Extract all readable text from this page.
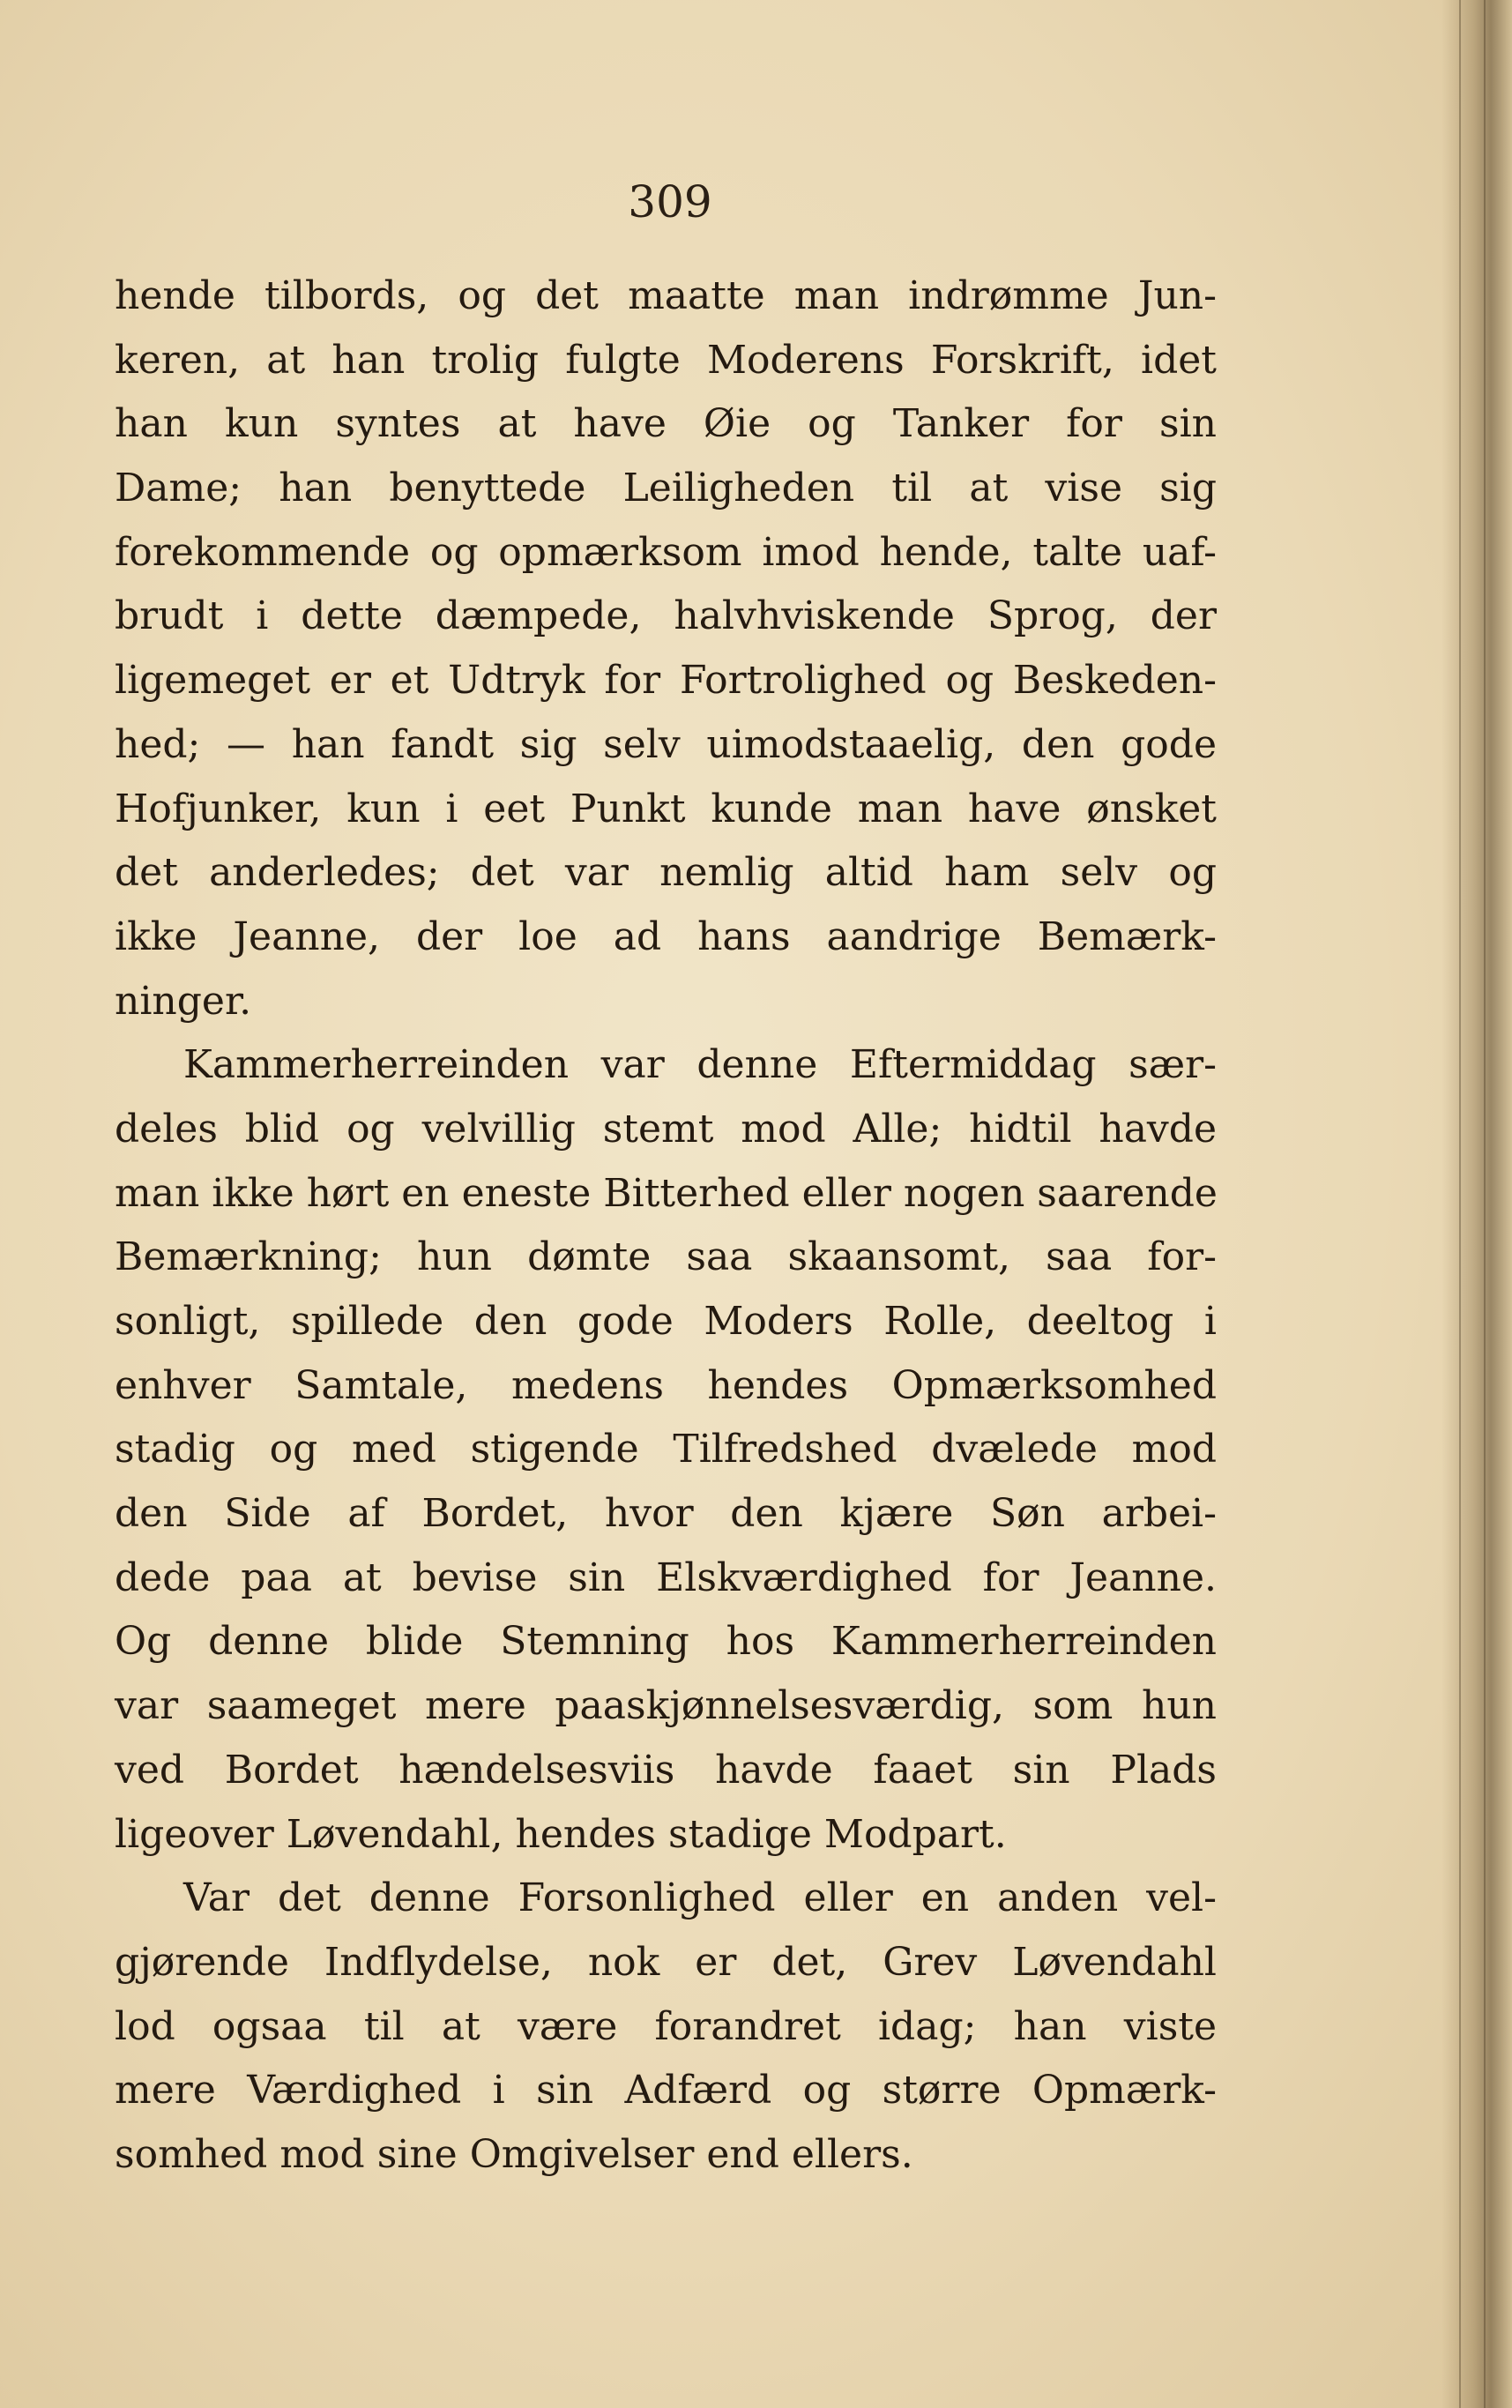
309
hende tilbords, og det maatte man indrømme Jun-
keren, at han trolig fulgte Moderens Forskrift, idet
han kun syntes at have Øie og Tanker for sin
Dame; han benyttede Leiligheden til at vise sig
forekommende og opmærksom imod hende, talte uaf-
brudt i dette dæmpede, halvhviskende Sprog, der
ligemeget er et Udtryk for Fortrolighed og Beskeden-
hed; — han fandt sig selv uimodstaaelig, den gode
Hofjunker, kun i eet Punkt kunde man have ønsket
det anderledes; det var nemlig altid ham selv og
ikke Jeanne, der loe ad hans aandrige Bemærk-
ninger.
Kammerherreinden var denne Eftermiddag sær-
deles blid og velvillig stemt mod Alle; hidtil havde
man ikke hørt en eneste Bitterhed eller nogen saarende
Bemærkning; hun dømte saa skaansomt, saa for-
sonligt, spillede den gode Moders Rolle, deeltog i
enhver Samtale, medens hendes Opmærksomhed
stadig og med stigende Tilfredshed dvælede mod
den Side af Bordet, hvor den kjære Søn arbei-
dede paa at bevise sin Elskværdighed for Jeanne.
Og denne blide Stemning hos Kammerherreinden
var saameget mere paaskjønnelsesværdig, som hun
ved Bordet hændelsesviis havde faaet sin Plads
ligeover Løvendahl, hendes stadige Modpart.
Var det denne Forsonlighed eller en anden vel-
gjørende Indflydelse, nok er det, Grev Løvendahl
lod ogsaa til at være forandret idag; han viste
mere Værdighed i sin Adfærd og større Opmærk-
somhed mod sine Omgivelser end ellers.
